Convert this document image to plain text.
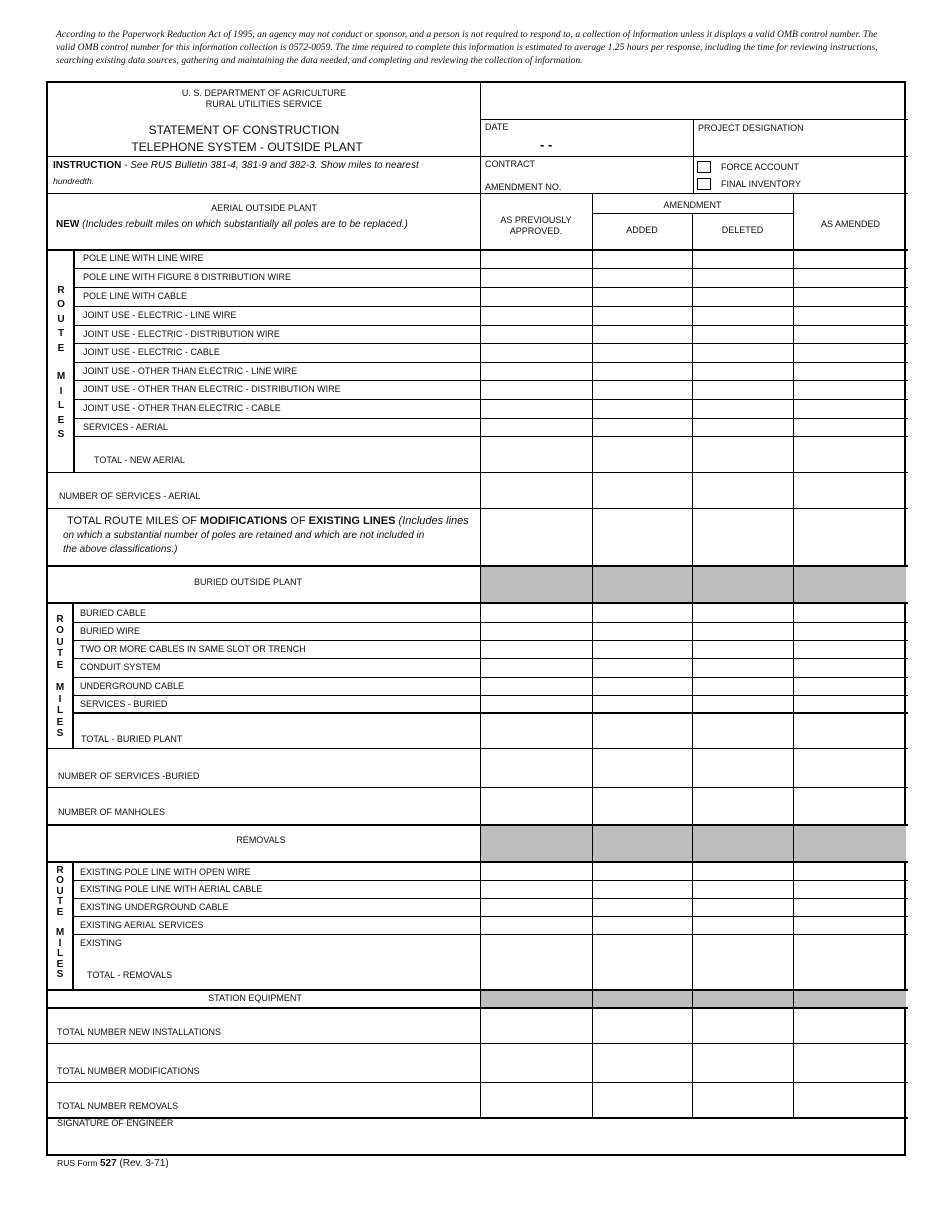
According to the Paperwork Reduction Act of 1995, an agency may not conduct or sponsor, and a person is not required to respond to, a collection of information unless it displays a valid OMB control number. The valid OMB control number for this information collection is 0572-0059. The time required to complete this information is estimated to average 1.25 hours per response, including the time for reviewing instructions, searching existing data sources, gathering and maintaining the data needed, and completing and reviewing the collection of information.
U. S. DEPARTMENT OF AGRICULTURE
RURAL UTILITIES SERVICE
STATEMENT OF CONSTRUCTION
TELEPHONE SYSTEM - OUTSIDE PLANT
DATE
- -
PROJECT DESIGNATION
INSTRUCTION - See RUS Bulletin 381-4, 381-9 and 382-3. Show miles to nearest
hundredth.
CONTRACT
AMENDMENT NO.
FORCE ACCOUNT
FINAL INVENTORY
AERIAL OUTSIDE PLANT
NEW (Includes rebuilt miles on which substantially all poles are to be replaced.)	AS PREVIOUSLY
APPROVED.
AMENDMENT
ADDED	DELETED
AS AMENDED
POLE LINE WITH LINE WIRE
POLE LINE WITH FIGURE 8 DISTRIBUTION WIRE
POLE LINE WITH CABLE
JOINT USE - ELECTRIC - LINE WIRE
JOINT USE - ELECTRIC - DISTRIBUTION WIRE
JOINT USE - ELECTRIC - CABLE
JOINT USE - OTHER THAN ELECTRIC - LINE WIRE
JOINT USE - OTHER THAN ELECTRIC - DISTRIBUTION WIRE
JOINT USE - OTHER THAN ELECTRIC - CABLE
SERVICES - AERIAL
R
O
U
T
E

M
I
L
E
S
TOTAL - NEW AERIAL
NUMBER OF SERVICES - AERIAL
TOTAL ROUTE MILES OF MODIFICATIONS OF EXISTING LINES (Includes lines
on which a substantial number of poles are retained and which are not included in
the above classifications.)
BURIED OUTSIDE PLANT
BURIED CABLE
BURIED WIRE
TWO OR MORE CABLES IN SAME SLOT OR TRENCH
CONDUIT SYSTEM
UNDERGROUND CABLE
SERVICES - BURIED
R
O
U
T
E

M
I
L
E
S	TOTAL - BURIED PLANT
NUMBER OF SERVICES -BURIED
NUMBER OF MANHOLES
REMOVALS
EXISTING POLE LINE WITH OPEN WIRE
EXISTING POLE LINE WITH AERIAL CABLE
EXISTING UNDERGROUND CABLE
EXISTING AERIAL SERVICES
EXISTING
R
O
U
T
E

M
I
L
E
S	TOTAL - REMOVALS
STATION EQUIPMENT
TOTAL NUMBER NEW INSTALLATIONS
TOTAL NUMBER MODIFICATIONS
TOTAL NUMBER REMOVALS
SIGNATURE OF ENGINEER
RUS Form 527 (Rev. 3-71)
